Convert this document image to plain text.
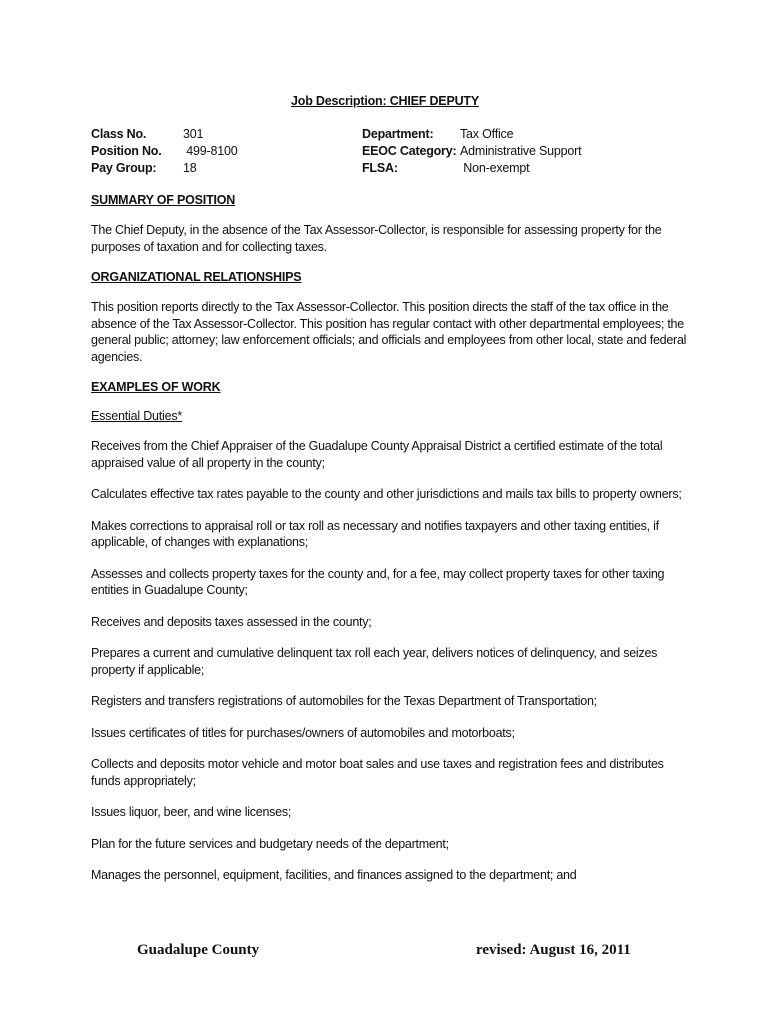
Job Description: CHIEF DEPUTY
Class No.	301
Position No.	499-8100
Pay Group:	18
Department:	Tax Office
EEOC Category: Administrative Support
FLSA:	Non-exempt
SUMMARY OF POSITION
The Chief Deputy, in the absence of the Tax Assessor-Collector, is responsible for assessing property for the purposes of taxation and for collecting taxes.
ORGANIZATIONAL RELATIONSHIPS
This position reports directly to the Tax Assessor-Collector. This position directs the staff of the tax office in the absence of the Tax Assessor-Collector. This position has regular contact with other departmental employees; the general public; attorney; law enforcement officials; and officials and employees from other local, state and federal agencies.
EXAMPLES OF WORK
Essential Duties*
Receives from the Chief Appraiser of the Guadalupe County Appraisal District a certified estimate of the total appraised value of all property in the county;
Calculates effective tax rates payable to the county and other jurisdictions and mails tax bills to property owners;
Makes corrections to appraisal roll or tax roll as necessary and notifies taxpayers and other taxing entities, if applicable, of changes with explanations;
Assesses and collects property taxes for the county and, for a fee, may collect property taxes for other taxing entities in Guadalupe County;
Receives and deposits taxes assessed in the county;
Prepares a current and cumulative delinquent tax roll each year, delivers notices of delinquency, and seizes property if applicable;
Registers and transfers registrations of automobiles for the Texas Department of Transportation;
Issues certificates of titles for purchases/owners of automobiles and motorboats;
Collects and deposits motor vehicle and motor boat sales and use taxes and registration fees and distributes funds appropriately;
Issues liquor, beer, and wine licenses;
Plan for the future services and budgetary needs of the department;
Manages the personnel, equipment, facilities, and finances assigned to the department; and
Guadalupe County	revised: August 16, 2011
